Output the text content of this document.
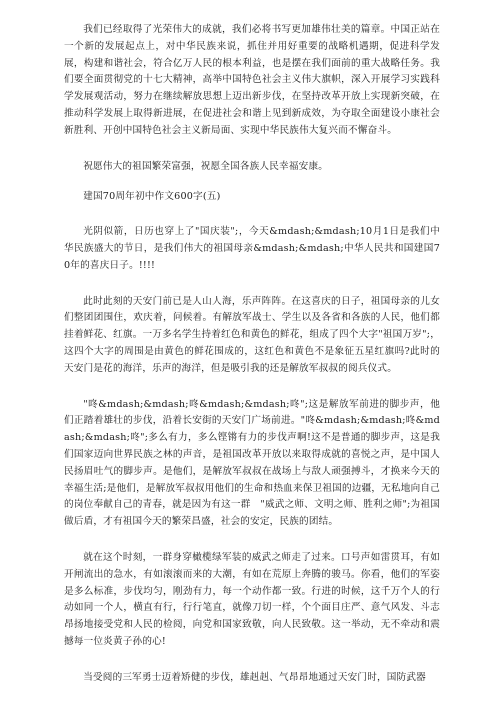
我们已经取得了光荣伟大的成就，我们必将书写更加雄伟壮美的篇章。中国正站在一个新的发展起点上，对中华民族来说，抓住并用好重要的战略机遇期，促进科学发展，构建和谐社会，符合亿万人民的根本利益，也是摆在我们面前的重大战略任务。我们要全面贯彻党的十七大精神，高举中国特色社会主义伟大旗帜，深入开展学习实践科学发展观活动，努力在继续解放思想上迈出新步伐，在坚持改革开放上实现新突破，在推动科学发展上取得新进展，在促进社会和谐上见到新成效，为夺取全面建设小康社会新胜利、开创中国特色社会主义新局面、实现中华民族伟大复兴而不懈奋斗。

祝愿伟大的祖国繁荣富强，祝愿全国各族人民幸福安康。

建国70周年初中作文600字(五)

光阴似箭，日历也穿上了"国庆装";，今天&mdash;&mdash;10月1日是我们中华民族盛大的节日，是我们伟大的祖国母亲&mdash;&mdash;中华人民共和国建国70年的喜庆日子。!!!!

此时此刻的天安门前已是人山人海，乐声阵阵。在这喜庆的日子，祖国母亲的儿女们整团团围住，欢庆着，问候着。有解放军战士、学生以及各省和各族的人民，他们都挂着鲜花、红旗。一万多名学生持着红色和黄色的鲜花，组成了四个大字"祖国万岁";，这四个大字的周围是由黄色的鲜花围成的，这红色和黄色不是象征五星红旗吗?此时的天安门是花的海洋，乐声的海洋，但是吸引我的还是解放军叔叔的阅兵仪式。

"咚&mdash;&mdash;咚&mdash;&mdash;咚";这是解放军前进的脚步声，他们正踏着雄壮的步伐，沿着长安街的天安门广场前进。"咚&mdash;&mdash;咚&mdash;&mdash;咚";多么有力，多么铿锵有力的步伐声啊!这不是普通的脚步声，这是我们国家迈向世界民族之林的声音，是祖国改革开放以来取得成就的喜悦之声，是中国人民扬眉吐气的脚步声。是他们，是解放军叔叔在战场上与敌人顽强搏斗，才换来今天的幸福生活;是他们，是解放军叔叔用他们的生命和热血来保卫祖国的边疆，无私地向自己的岗位奉献自己的青春，就是因为有这一群　"威武之师、文明之师、胜利之师";为祖国做后盾，才有祖国今天的繁荣昌盛，社会的安定，民族的团结。

就在这个时刻，一群身穿橄榄绿军装的威武之师走了过来。口号声如雷贯耳，有如开闸流出的急水，有如滚滚而来的大潮，有如在荒原上奔腾的骏马。你看，他们的军姿是多么标准，步伐均匀，刚劲有力，每一个动作都一致。行进的时候，这千万个人的行动如同一个人，横直有行，行行笔直，就像刀切一样，个个面目庄严、意气风发、斗志昂扬地接受党和人民的检阅，向党和国家致敬，向人民致敬。这一举动，无不牵动和震撼每一位炎黄子孙的心!

当受阅的三军勇士迈着矫健的步伐，雄赳赳、气昂昂地通过天安门时，国防武器
